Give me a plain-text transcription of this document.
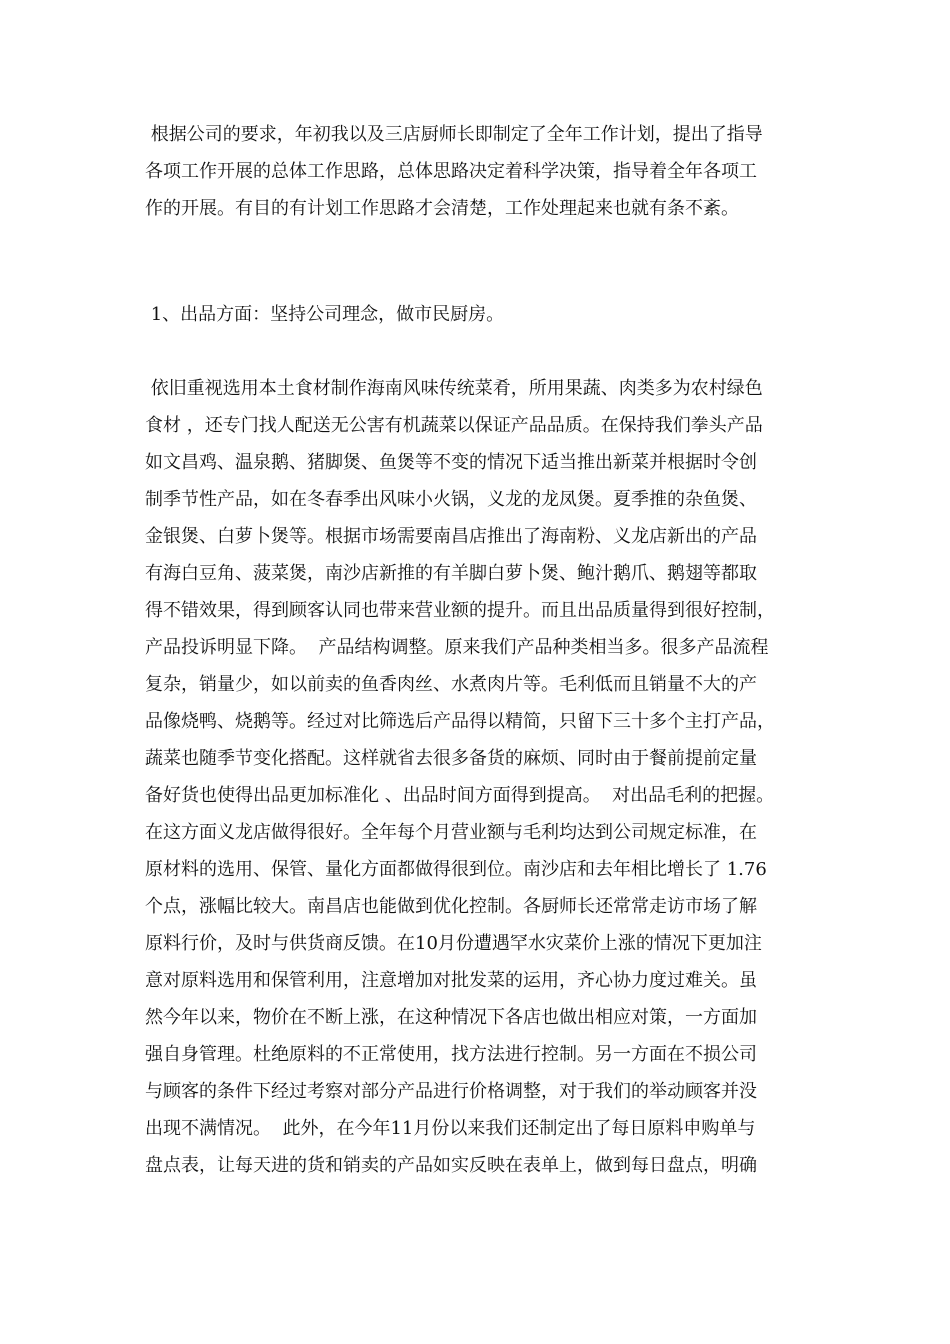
根据公司的要求，年初我以及三店厨师长即制定了全年工作计划，提出了指导
各项工作开展的总体工作思路，总体思路决定着科学决策，指导着全年各项工
作的开展。有目的有计划工作思路才会清楚，工作处理起来也就有条不紊。
1、出品方面：坚持公司理念，做市民厨房。
依旧重视选用本土食材制作海南风味传统菜肴，所用果蔬、肉类多为农村绿色
食材 ，还专门找人配送无公害有机蔬菜以保证产品品质。在保持我们拳头产品
如文昌鸡、温泉鹅、猪脚煲、鱼煲等不变的情况下适当推出新菜并根据时令创
制季节性产品，如在冬春季出风味小火锅，义龙的龙凤煲。夏季推的杂鱼煲、
金银煲、白萝卜煲等。根据市场需要南昌店推出了海南粉、义龙店新出的产品
有海白豆角、菠菜煲，南沙店新推的有羊脚白萝卜煲、鲍汁鹅爪、鹅翅等都取
得不错效果，得到顾客认同也带来营业额的提升。而且出品质量得到很好控制，
产品投诉明显下降。  产品结构调整。原来我们产品种类相当多。很多产品流程
复杂，销量少，如以前卖的鱼香肉丝、水煮肉片等。毛利低而且销量不大的产
品像烧鸭、烧鹅等。经过对比筛选后产品得以精简，只留下三十多个主打产品，
蔬菜也随季节变化搭配。这样就省去很多备货的麻烦、同时由于餐前提前定量
备好货也使得出品更加标准化 、出品时间方面得到提高。  对出品毛利的把握。
在这方面义龙店做得很好。全年每个月营业额与毛利均达到公司规定标准，在
原材料的选用、保管、量化方面都做得很到位。南沙店和去年相比增长了 1.76
个点，涨幅比较大。南昌店也能做到优化控制。各厨师长还常常走访市场了解
原料行价，及时与供货商反馈。在10月份遭遇罕水灾菜价上涨的情况下更加注
意对原料选用和保管利用，注意增加对批发菜的运用，齐心协力度过难关。虽
然今年以来，物价在不断上涨，在这种情况下各店也做出相应对策，一方面加
强自身管理。杜绝原料的不正常使用，找方法进行控制。另一方面在不损公司
与顾客的条件下经过考察对部分产品进行价格调整，对于我们的举动顾客并没
出现不满情况。  此外，在今年11月份以来我们还制定出了每日原料申购单与
盘点表，让每天进的货和销卖的产品如实反映在表单上，做到每日盘点，明确
